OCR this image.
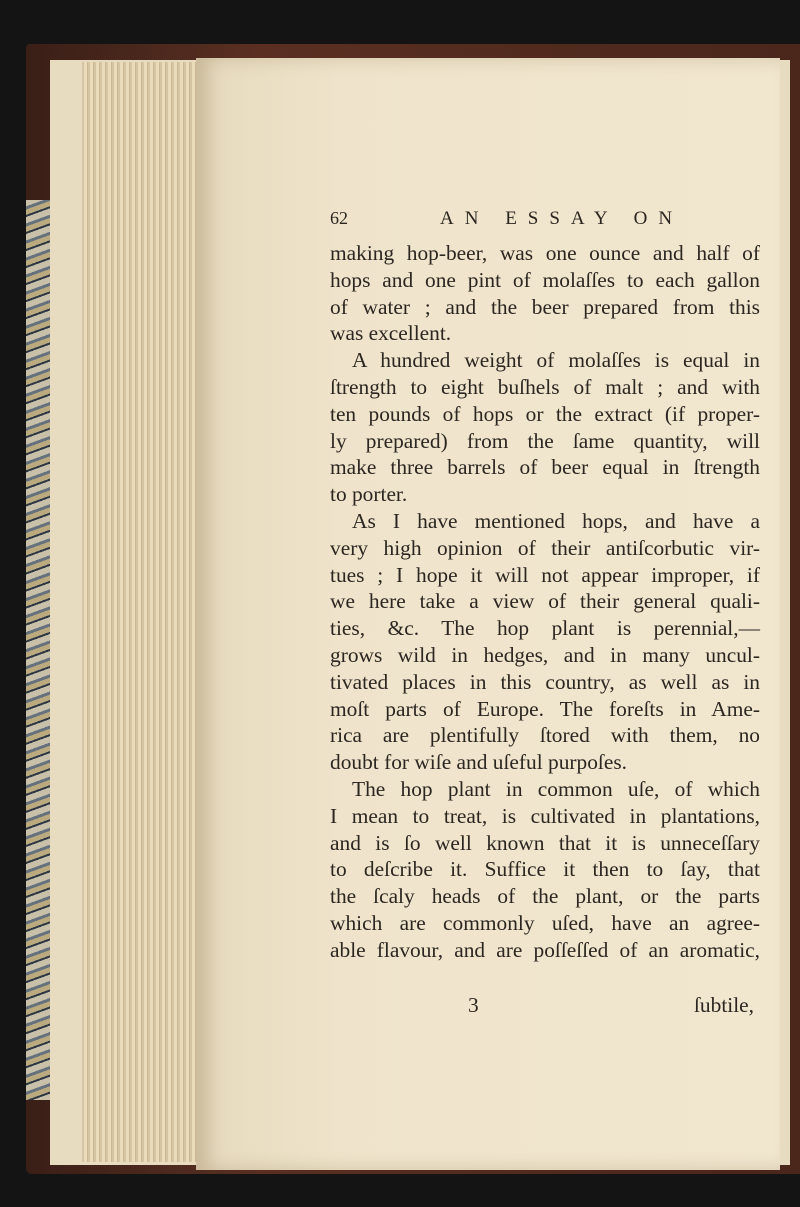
62	AN ESSAY ON
making hop-beer, was one ounce and half of
hops and one pint of molaſſes to each gallon
of water ; and the beer prepared from this
was excellent.
A hundred weight of molaſſes is equal in
ſtrength to eight buſhels of malt ; and with
ten pounds of hops or the extract (if proper-
ly prepared) from the ſame quantity, will
make three barrels of beer equal in ſtrength
to porter.
As I have mentioned hops, and have a
very high opinion of their antiſcorbutic vir-
tues ; I hope it will not appear improper, if
we here take a view of their general quali-
ties, &c. The hop plant is perennial,—
grows wild in hedges, and in many uncul-
tivated places in this country, as well as in
moſt parts of Europe. The foreſts in Ame-
rica are plentifully ſtored with them, no
doubt for wiſe and uſeful purpoſes.
The hop plant in common uſe, of which
I mean to treat, is cultivated in plantations,
and is ſo well known that it is unneceſſary
to deſcribe it. Suffice it then to ſay, that
the ſcaly heads of the plant, or the parts
which are commonly uſed, have an agree-
able flavour, and are poſſeſſed of an aromatic,
3	ſubtile,
